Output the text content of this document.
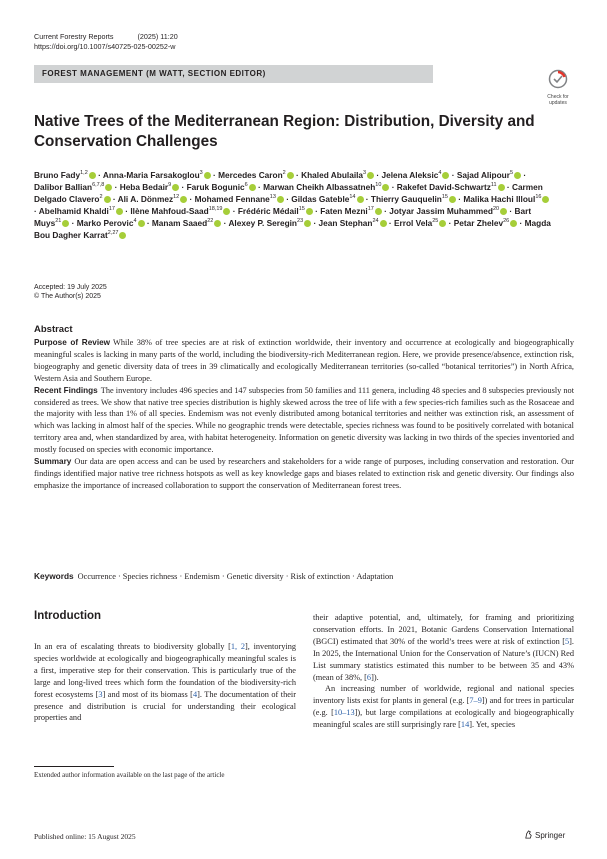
Current Forestry Reports	(2025) 11:20
https://doi.org/10.1007/s40725-025-00252-w
FOREST MANAGEMENT (M WATT, SECTION EDITOR)
Check for
updates
Native Trees of the Mediterranean Region: Distribution, Diversity and Conservation Challenges
Bruno Fady$^{1,2}$ · Anna-Maria Farsakoglou$^3$ · Mercedes Caron$^2$ · Khaled Abulaila$^3$ · Jelena Aleksic$^4$ · Sajad Alipour$^5$ · Dalibor Ballian$^{6,7,8}$ · Heba Bedair$^9$ · Faruk Bogunic$^6$ · Marwan Cheikh Albassatneh$^{10}$ · Rakefet David-Schwartz$^{11}$ · Carmen Delgado Clavero$^2$ · Ali A. Dönmez$^{12}$ · Mohamed Fennane$^{13}$ · Gildas Gateble$^{14}$ · Thierry Gauquelin$^{15}$ · Malika Hachi Illoul$^{16}$ · Abelhamid Khaldi$^{17}$ · Ilène Mahfoud-Saad$^{18,19}$ · Frédéric Médail$^{15}$ · Faten Mezni$^{17}$ · Jotyar Jassim Muhammed$^{20}$ · Bart Muys$^{21}$ · Marko Perovic$^4$ · Manam Saaed$^{22}$ · Alexey P. Seregin$^{23}$ · Jean Stephan$^{24}$ · Errol Vela$^{25}$ · Petar Zhelev$^{26}$ · Magda Bou Dagher Karrat$^{2,27}$
Accepted: 19 July 2025
© The Author(s) 2025
Abstract

Purpose of Review While 38% of tree species are at risk of extinction worldwide, their inventory and occurrence at ecologically and biogeographically meaningful scales is lacking in many parts of the world, including the biodiversity-rich Mediterranean region. Here, we provide presence/absence, extinction risk, biogeography and genetic diversity data of trees in 39 climatically and ecologically Mediterranean territories (so-called “botanical territories”) in North Africa, Western Asia and Southern Europe.

Recent Findings The inventory includes 496 species and 147 subspecies from 50 families and 111 genera, including 48 species and 8 subspecies previously not considered as trees. We show that native tree species distribution is highly skewed across the tree of life with a few species-rich families such as the Rosaceae and the majority with less than 1% of all species. Endemism was not evenly distributed among botanical territories and neither was extinction risk, an assessment of which was lacking in almost half of the species. While no geographic trends were detectable, species richness was found to be positively correlated with botanical territory area and, when standardized by area, with habitat heterogeneity. Information on genetic diversity was lacking in two thirds of the species inventoried and mostly focused on species with economic importance.

Summary Our data are open access and can be used by researchers and stakeholders for a wide range of purposes, including conservation and restoration. Our findings identified major native tree richness hotspots as well as key knowledge gaps and biases related to extinction risk and genetic diversity. Our findings also emphasize the importance of increased collaboration to support the conservation of Mediterranean forest trees.

Keywords Occurrence · Species richness · Endemism · Genetic diversity · Risk of extinction · Adaptation
Introduction

In an era of escalating threats to biodiversity globally [1, 2], inventorying species worldwide at ecologically and biogeographically meaningful scales is a first, imperative step for their conservation. This is particularly true of the large and long-lived trees which form the foundation of the biodiversity-rich forest ecosystems [3] and most of its biomass [4]. The documentation of their presence and distribution is crucial for understanding their ecological properties and

their adaptive potential, and, ultimately, for framing and prioritizing conservation efforts. In 2021, Botanic Gardens Conservation International (BGCI) estimated that 30% of the world’s trees were at risk of extinction [5]. In 2025, the International Union for the Conservation of Nature’s (IUCN) Red List summary statistics estimated this number to be between 35 and 43% (mean of 38%, [6]).

An increasing number of worldwide, regional and national species inventory lists exist for plants in general (e.g. [7–9]) and for trees in particular (e.g. [10–13]), but large compilations at ecologically and biogeographically meaningful scales are still surprisingly rare [14]. Yet, species

Extended author information available on the last page of the article
Published online: 15 August 2025	Springer
